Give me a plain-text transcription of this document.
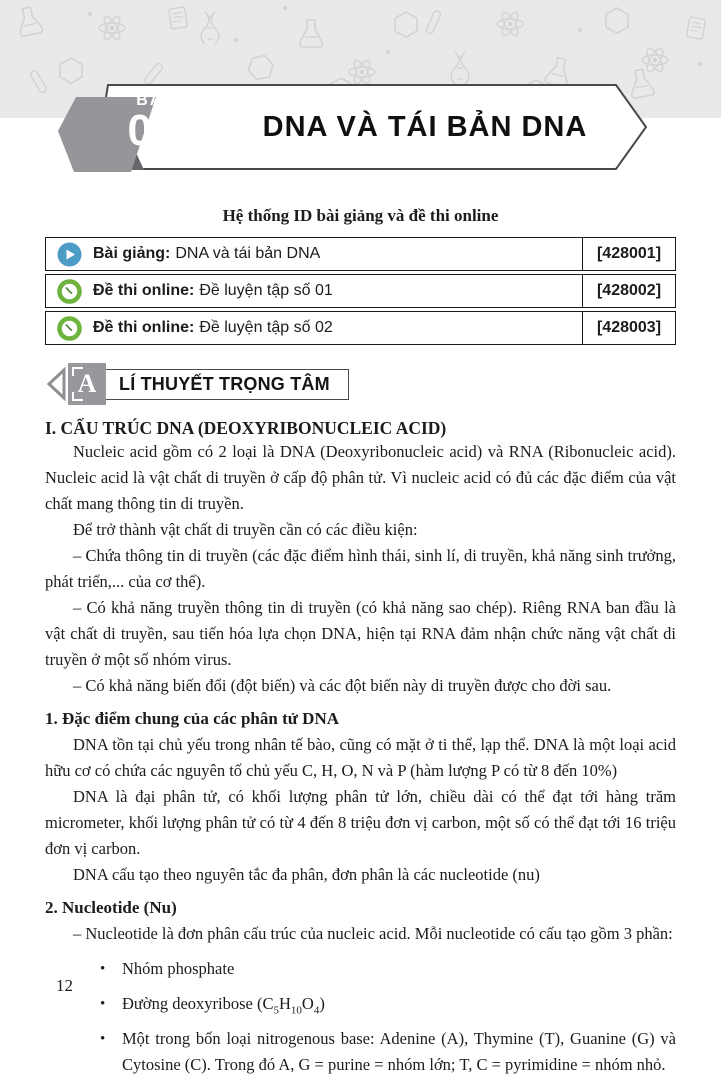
BÀI
01	DNA VÀ TÁI BẢN DNA
Hệ thống ID bài giảng và đề thi online
Bài giảng: DNA và tái bản DNA	[428001]
Đề thi online: Đề luyện tập số 01	[428002]
Đề thi online: Đề luyện tập số 02	[428003]
A	LÍ THUYẾT TRỌNG TÂM
I. CẤU TRÚC DNA (DEOXYRIBONUCLEIC ACID)

Nucleic acid gồm có 2 loại là DNA (Deoxyribonucleic acid) và RNA (Ribonucleic acid). Nucleic acid là vật chất di truyền ở cấp độ phân tử. Vì nucleic acid có đủ các đặc điểm của vật chất mang thông tin di truyền.

Để trở thành vật chất di truyền cần có các điều kiện:

– Chứa thông tin di truyền (các đặc điểm hình thái, sinh lí, di truyền, khả năng sinh trưởng, phát triển,... của cơ thể).

– Có khả năng truyền thông tin di truyền (có khả năng sao chép). Riêng RNA ban đầu là vật chất di truyền, sau tiến hóa lựa chọn DNA, hiện tại RNA đảm nhận chức năng vật chất di truyền ở một số nhóm virus.

– Có khả năng biến đổi (đột biến) và các đột biến này di truyền được cho đời sau.

1. Đặc điểm chung của các phân tử DNA

DNA tồn tại chủ yếu trong nhân tế bào, cũng có mặt ở ti thể, lạp thể. DNA là một loại acid hữu cơ có chứa các nguyên tố chủ yếu C, H, O, N và P (hàm lượng P có từ 8 đến 10%)

DNA là đại phân tử, có khối lượng phân tử lớn, chiều dài có thể đạt tới hàng trăm micrometer, khối lượng phân tử có từ 4 đến 8 triệu đơn vị carbon, một số có thể đạt tới 16 triệu đơn vị carbon.

DNA cấu tạo theo nguyên tắc đa phân, đơn phân là các nucleotide (nu)

2. Nucleotide (Nu)

– Nucleotide là đơn phân cấu trúc của nucleic acid. Mỗi nucleotide có cấu tạo gồm 3 phần:

•	Nhóm phosphate
•	Đường deoxyribose $(C_5H_{10}O_4)$
•	Một trong bốn loại nitrogenous base: Adenine (A), Thymine (T), Guanine (G) và Cytosine (C). Trong đó A, G = purine = nhóm lớn; T, C = pyrimidine = nhóm nhỏ.
12
